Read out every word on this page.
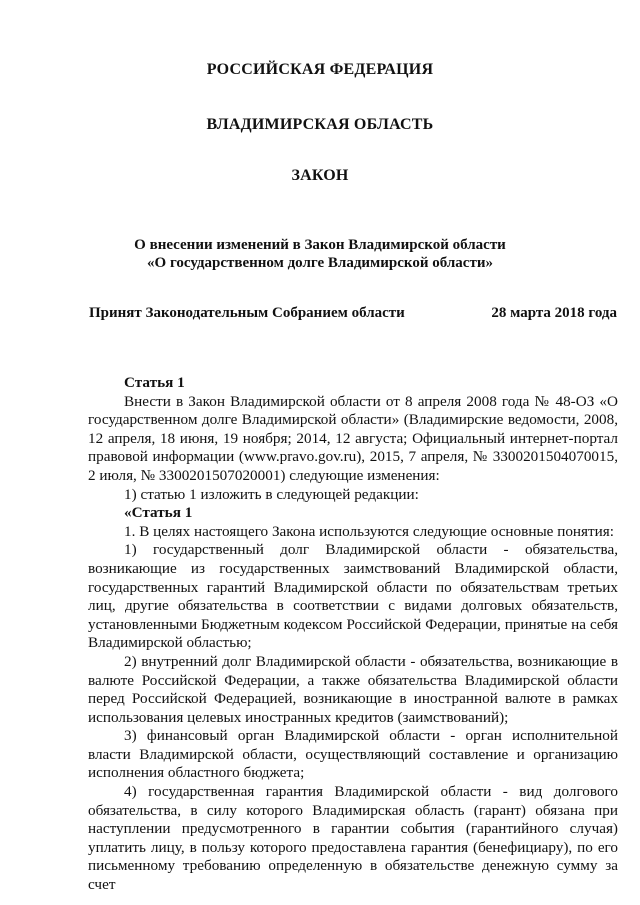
РОССИЙСКАЯ ФЕДЕРАЦИЯ
ВЛАДИМИРСКАЯ ОБЛАСТЬ
ЗАКОН
О внесении изменений в Закон Владимирской области
«О государственном долге Владимирской области»
Принят Законодательным Собранием области	28 марта 2018 года

Статья 1

Внести в Закон Владимирской области от 8 апреля 2008 года № 48-ОЗ «О государственном долге Владимирской области» (Владимирские ведомости, 2008, 12 апреля, 18 июня, 19 ноября; 2014, 12 августа; Официальный интернет-портал правовой информации (www.pravo.gov.ru), 2015, 7 апреля, № 3300201504070015, 2 июля, № 3300201507020001) следующие изменения:

1) статью 1 изложить в следующей редакции:

«Статья 1

1. В целях настоящего Закона используются следующие основные понятия:

1) государственный долг Владимирской области - обязательства, возникающие из государственных заимствований Владимирской области, государственных гарантий Владимирской области по обязательствам третьих лиц, другие обязательства в соответствии с видами долговых обязательств, установленными Бюджетным кодексом Российской Федерации, принятые на себя Владимирской областью;

2) внутренний долг Владимирской области - обязательства, возникающие в валюте Российской Федерации, а также обязательства Владимирской области перед Российской Федерацией, возникающие в иностранной валюте в рамках использования целевых иностранных кредитов (заимствований);

3) финансовый орган Владимирской области - орган исполнительной власти Владимирской области, осуществляющий составление и организацию исполнения областного бюджета;

4) государственная гарантия Владимирской области - вид долгового обязательства, в силу которого Владимирская область (гарант) обязана при наступлении предусмотренного в гарантии события (гарантийного случая) уплатить лицу, в пользу которого предоставлена гарантия (бенефициару), по его письменному требованию определенную в обязательстве денежную сумму за счет
